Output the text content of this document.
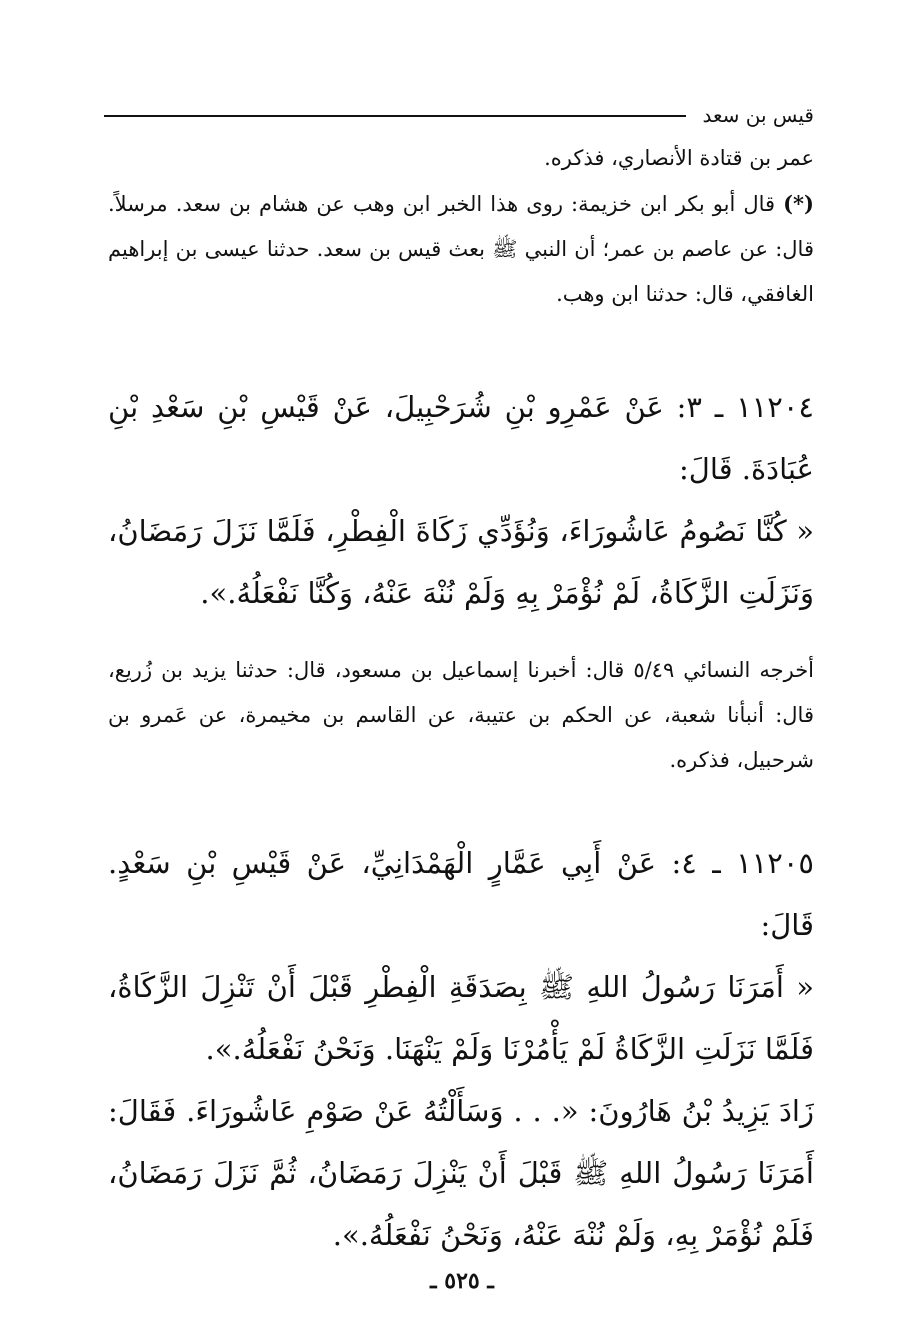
قيس بن سعد
عمر بن قتادة الأنصاري، فذكره.
(*) قال أبو بكر ابن خزيمة: روى هذا الخبر ابن وهب عن هشام بن سعد. مرسلاً. قال: عن عاصم بن عمر؛ أن النبي ﷺ بعث قيس بن سعد. حدثنا عيسى بن إبراهيم الغافقي، قال: حدثنا ابن وهب.
١١٢٠٤ ـ ٣: عَنْ عَمْرِو بْنِ شُرَحْبِيلَ، عَنْ قَيْسِ بْنِ سَعْدِ بْنِ عُبَادَةَ. قَالَ:
« كُنَّا نَصُومُ عَاشُورَاءَ، وَنُؤَدِّي زَكَاةَ الْفِطْرِ، فَلَمَّا نَزَلَ رَمَضَانُ، وَنَزَلَتِ الزَّكَاةُ، لَمْ نُؤْمَرْ بِهِ وَلَمْ نُنْهَ عَنْهُ، وَكُنَّا نَفْعَلُهُ.».
أخرجه النسائي ٥/٤٩ قال: أخبرنا إسماعيل بن مسعود، قال: حدثنا يزيد بن زُريع، قال: أنبأنا شعبة، عن الحكم بن عتيبة، عن القاسم بن مخيمرة، عن عَمرو بن شرحبيل، فذكره.
١١٢٠٥ ـ ٤: عَنْ أَبِي عَمَّارٍ الْهَمْدَانِيِّ، عَنْ قَيْسِ بْنِ سَعْدٍ. قَالَ:
« أَمَرَنَا رَسُولُ اللهِ ﷺ بِصَدَقَةِ الْفِطْرِ قَبْلَ أَنْ تَنْزِلَ الزَّكَاةُ، فَلَمَّا نَزَلَتِ الزَّكَاةُ لَمْ يَأْمُرْنَا وَلَمْ يَنْهَنَا. وَنَحْنُ نَفْعَلُهُ.».
زَادَ يَزِيدُ بْنُ هَارُونَ: «. . . وَسَأَلْتُهُ عَنْ صَوْمِ عَاشُورَاءَ. فَقَالَ: أَمَرَنَا رَسُولُ اللهِ ﷺ قَبْلَ أَنْ يَنْزِلَ رَمَضَانُ، ثُمَّ نَزَلَ رَمَضَانُ، فَلَمْ نُؤْمَرْ بِهِ، وَلَمْ نُنْهَ عَنْهُ، وَنَحْنُ نَفْعَلُهُ.».
ـ ٥٢٥ ـ
